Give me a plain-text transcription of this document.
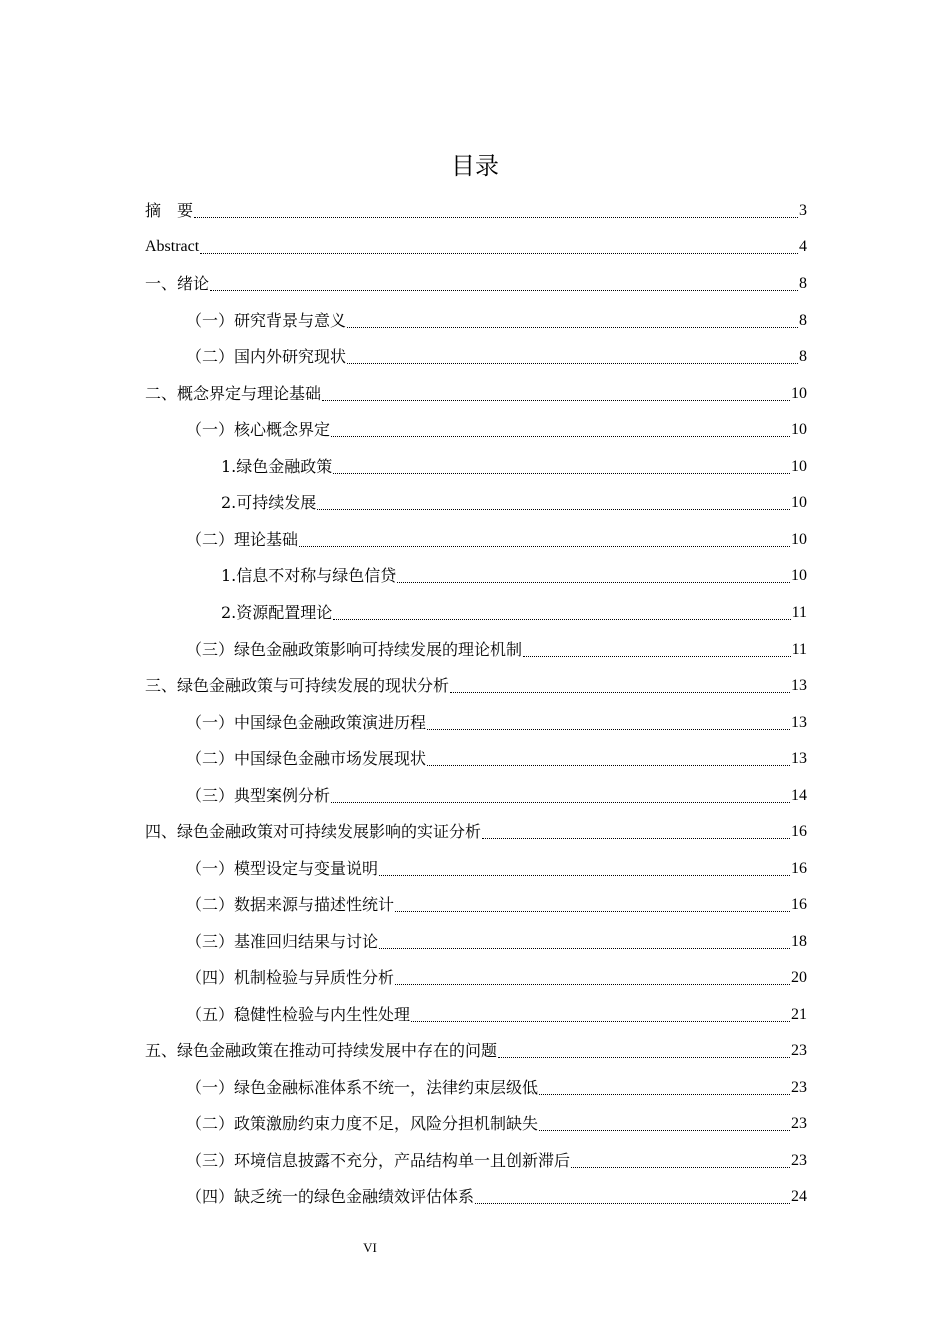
目录
摘　要	3
Abstract	4
一、绪论	8
（一）研究背景与意义	8
（二）国内外研究现状	8
二、概念界定与理论基础	10
（一）核心概念界定	10
1.绿色金融政策	10
2.可持续发展	10
（二）理论基础	10
1.信息不对称与绿色信贷	10
2.资源配置理论	11
（三）绿色金融政策影响可持续发展的理论机制	11
三、绿色金融政策与可持续发展的现状分析	13
（一）中国绿色金融政策演进历程	13
（二）中国绿色金融市场发展现状	13
（三）典型案例分析	14
四、绿色金融政策对可持续发展影响的实证分析	16
（一）模型设定与变量说明	16
（二）数据来源与描述性统计	16
（三）基准回归结果与讨论	18
（四）机制检验与异质性分析	20
（五）稳健性检验与内生性处理	21
五、绿色金融政策在推动可持续发展中存在的问题	23
（一）绿色金融标准体系不统一，法律约束层级低	23
（二）政策激励约束力度不足，风险分担机制缺失	23
（三）环境信息披露不充分，产品结构单一且创新滞后	23
（四）缺乏统一的绿色金融绩效评估体系	24
VI
